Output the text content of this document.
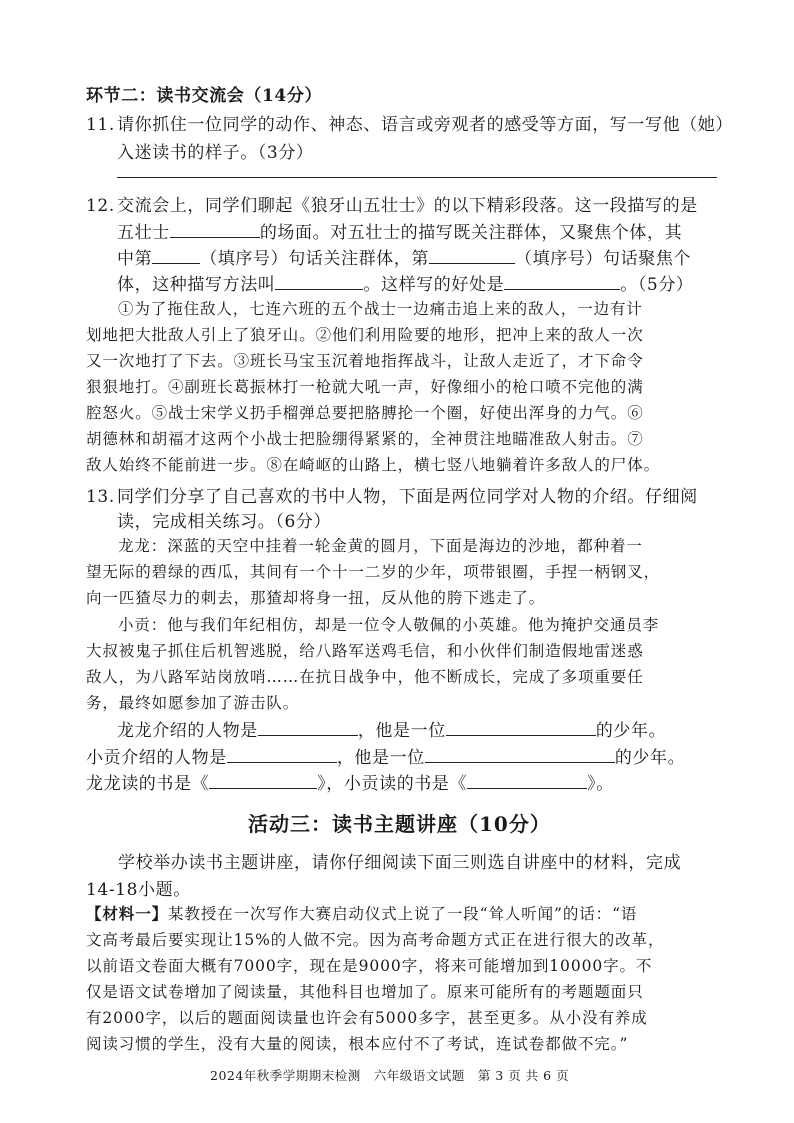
环节二：读书交流会（14分）
11. 请你抓住一位同学的动作、神态、语言或旁观者的感受等方面，写一写他（她）
入迷读书的样子。（3分）
12. 交流会上，同学们聊起《狼牙山五壮士》的以下精彩段落。这一段描写的是
五壮士	的场面。对五壮士的描写既关注群体，又聚焦个体，其
中第	（填序号）句话关注群体，第	（填序号）句话聚焦个
体，这种描写方法叫	。这样写的好处是	。（5分）
①为了拖住敌人，七连六班的五个战士一边痛击追上来的敌人，一边有计
划地把大批敌人引上了狼牙山。②他们利用险要的地形，把冲上来的敌人一次
又一次地打了下去。③班长马宝玉沉着地指挥战斗，让敌人走近了，才下命令
狠狠地打。④副班长葛振林打一枪就大吼一声，好像细小的枪口喷不完他的满
腔怒火。⑤战士宋学义扔手榴弹总要把胳膊抡一个圈，好使出浑身的力气。⑥
胡德林和胡福才这两个小战士把脸绷得紧紧的，全神贯注地瞄准敌人射击。⑦
敌人始终不能前进一步。⑧在崎岖的山路上，横七竖八地躺着许多敌人的尸体。
13. 同学们分享了自己喜欢的书中人物，下面是两位同学对人物的介绍。仔细阅
读，完成相关练习。（6分）
龙龙：深蓝的天空中挂着一轮金黄的圆月，下面是海边的沙地，都种着一
望无际的碧绿的西瓜，其间有一个十一二岁的少年，项带银圈，手捏一柄钢叉，
向一匹猹尽力的刺去，那猹却将身一扭，反从他的胯下逃走了。
小贡：他与我们年纪相仿，却是一位令人敬佩的小英雄。他为掩护交通员李
大叔被鬼子抓住后机智逃脱，给八路军送鸡毛信，和小伙伴们制造假地雷迷惑
敌人，为八路军站岗放哨……在抗日战争中，他不断成长，完成了多项重要任
务，最终如愿参加了游击队。
龙龙介绍的人物是	，他是一位	的少年。
小贡介绍的人物是	，他是一位	的少年。
龙龙读的书是《	》，小贡读的书是《	》。
活动三：读书主题讲座（10分）
学校举办读书主题讲座，请你仔细阅读下面三则选自讲座中的材料，完成
14-18小题。
【材料一】某教授在一次写作大赛启动仪式上说了一段“耸人听闻”的话：“语
文高考最后要实现让15%的人做不完。因为高考命题方式正在进行很大的改革，
以前语文卷面大概有7000字，现在是9000字，将来可能增加到10000字。不
仅是语文试卷增加了阅读量，其他科目也增加了。原来可能所有的考题题面只
有2000字，以后的题面阅读量也许会有5000多字，甚至更多。从小没有养成
阅读习惯的学生，没有大量的阅读，根本应付不了考试，连试卷都做不完。”
2024年秋季学期期末检测　六年级语文试题　第 3 页 共 6 页
